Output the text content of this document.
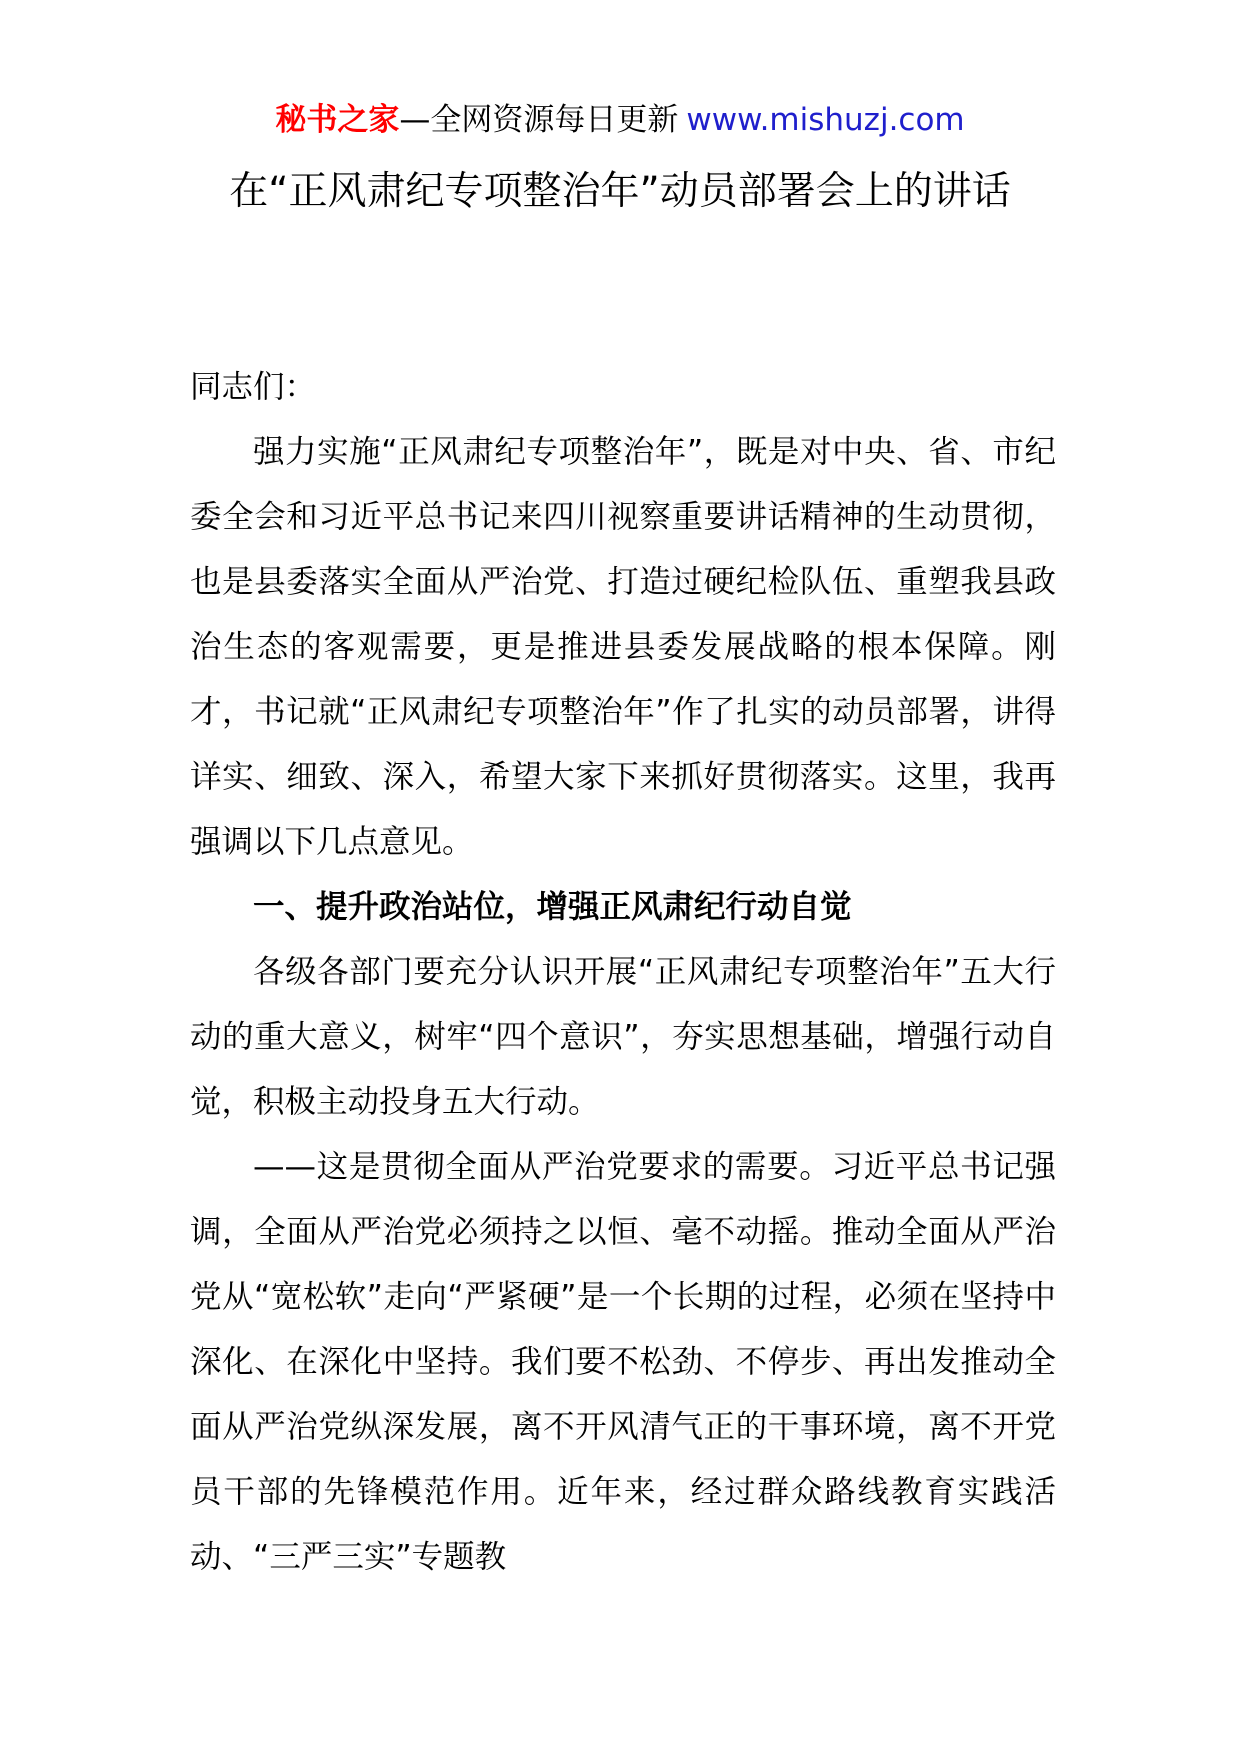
秘书之家—全网资源每日更新 www.mishuzj.com
在“正风肃纪专项整治年”动员部署会上的讲话

同志们：

强力实施“正风肃纪专项整治年”，既是对中央、省、市纪委全会和习近平总书记来四川视察重要讲话精神的生动贯彻，也是县委落实全面从严治党、打造过硬纪检队伍、重塑我县政治生态的客观需要，更是推进县委发展战略的根本保障。刚才，书记就“正风肃纪专项整治年”作了扎实的动员部署，讲得详实、细致、深入，希望大家下来抓好贯彻落实。这里，我再强调以下几点意见。

一、提升政治站位，增强正风肃纪行动自觉

各级各部门要充分认识开展“正风肃纪专项整治年”五大行动的重大意义，树牢“四个意识”，夯实思想基础，增强行动自觉，积极主动投身五大行动。

——这是贯彻全面从严治党要求的需要。习近平总书记强调，全面从严治党必须持之以恒、毫不动摇。推动全面从严治党从“宽松软”走向“严紧硬”是一个长期的过程，必须在坚持中深化、在深化中坚持。我们要不松劲、不停步、再出发推动全面从严治党纵深发展，离不开风清气正的干事环境，离不开党员干部的先锋模范作用。近年来，经过群众路线教育实践活动、“三严三实”专题教
